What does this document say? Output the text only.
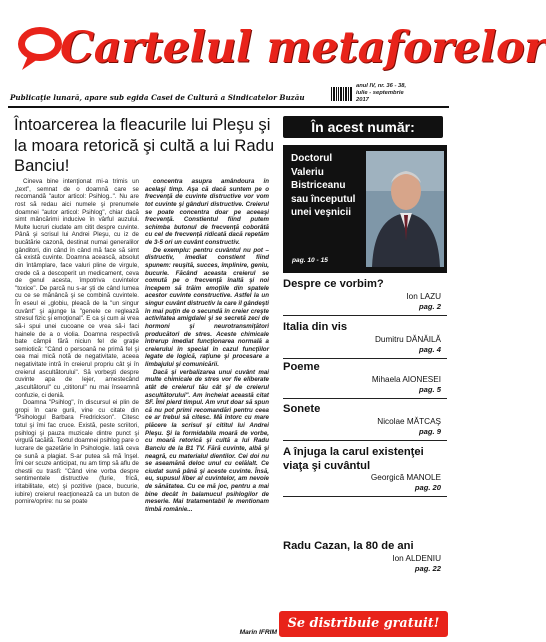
Cartelul metaforelor
Publicaţie lunară, apare sub egida Casei de Cultură a Sindicatelor Buzău
anul IV, nr. 36 - 38,
iulie - septembrie
2017
Întoarcerea la fleacurile lui Pleşu şi la moara retorică şi cultă a lui Radu Banciu!

Cineva bine intenţionat mi-a trimis un „text”, semnat de o doamnă care se recomandă "autor articol: Psihlog..". Nu are rost să redau aici numele şi prenumele doamnei "autor articol: Psihlog", chiar dacă simt mâncărimi inducive în vârful auzului. Multe lucruri ciudate am citit despre cuvinte. Până şi scrisul lui Andrei Pleşu, cu iz de bucătărie cazonă, destinat numai generalilor gânditori, din când în când mă face să simt că există cuvinte. Doamna acească, absolut din întâmplare, face valuri pline de virgule, crede că a descoperit un medicament, ceva de genul acesta, împotriva cuvintelor "toxice". De parcă nu s-ar şti de când lumea cu ce se mănâncă şi se combină cuvintele. În eseul ei „globiu, pleacă de la "un singur cuvânt" şi ajunge la "genele ce reglează stresul fizic şi emoţional". E ca şi cum ai vrea să-i spui unei cucoane ce vrea să-i faci hainele de a o violia. Doamna respectivă bate câmpii fără niciun fel de graţie semiotică: "Când o persoană ne primă fel şi cea mai mică notă de negativitate, aceea negativitate intră în creierul propriu cât şi în creierul ascultătorului". Să vorbeşti despre cuvinte apa de lejer, amestecând „ascultătorul" cu „cititorul" nu mai înseamnă confuzie, ci deniă.

Doamna "Psihlog", în discursul ei plin de gropi în care gurii, vine cu citate din "Psihologul Barbara Fredrickson". Citesc totul şi îmi fac cruce. Există, peste scriitori, psihlogi şi pauza muzicale dintre punct şi virgulă tacăită. Textul doamnei psihlog pare o lucrare de gazetărie în Psihologie. Iată ceva ce sună a plagiat. S-ar putea să mă înşel. Îmi cer scuze anticipat, nu am timp să aflu de chestii cu trasfi: "Când vine vorba despre sentimentele distructive (furie, frică, iritabilitate, etc) şi pozitive (pace, bucurie, iubire) creierul reacţionează ca un buton de pornire/oprire: nu se poate

concentra asupra amândoura în acelaşi timp. Aşa că dacă suntem pe o frecvenţă de cuvinte distructive vor vom tot cuvinte şi gânduri distructive. Creierul se poate concentra doar pe aceeaşi frecvenţă. Constientul fiind putem schimba butonul de frecvenţă coborâtă cu cel de frecvenţă ridicată dacă repetăm de 3-5 ori un cuvânt constructiv.

De exemplu: pentru cuvântul nu pot – distructiv, imediat constient fiind spunem: reuşită, succes, împlinire, geniu, bucurie. Făcând aceasta creierul se comută pe o frecvenţă înaltă şi noi începem să trăim emoţiile din spatele acestor cuvinte constructive. Astfel la un singur cuvânt distructiv la care îl gândeşti în mai puţin de o secundă în creier creşte activitatea amigdalei şi se secretă zeci de hormoni şi neurotransmiţători producători de stres. Aceste chimicale întrerup imediat funcţionarea normală a creierului în special în cazul funcţiilor legate de logică, raţiune şi procesare a limbajului şi comunicării.

Dacă şi verbalizarea unui cuvânt mai multe chimicale de stres vor fie eliberate atât de creierul tău cât şi de creierul ascultătorului". Am încheiat această citat SF. Îmi pierd timpul. Am vrut doar să spun că nu pot primi recomandări pentru ceea ce ar trebui să citesc. Mă întorc cu mare plăcere la scrisul şi cititul lui Andrei Pleşu. Şi la formidabila moară de vorbe, cu moară retorică şi cultă a lui Radu Banciu de la B1 TV. Fără cuvinte, albă şi neagră, cu materialul dientilor. Cei doi nu se aseamănă deloc unul cu celălalt. Ce ciudat sună până şi aceste cuvinte. Însă, eu, supusul liber al cuvintelor, am nevoie de sănătatea. Cu ce mă joc, pentru a mai bine decât în balamucul psihlogilor de meserie. Mai tratamentabil le mentionam timbă românie...

Marin IFRIM
În acest număr:
Doctorul Valeriu Bistriceanu sau începutul unei veşnicii
pag. 10 - 15
Despre ce vorbim?
Ion LAZU
pag. 2
Italia din vis
Dumitru DĂNĂILĂ
pag. 4
Poeme
Mihaela AIONESEI
pag. 5
Sonete
Nicolae MĂTCAŞ
pag. 9
A înjuga la carul existenţei viaţa şi cuvântul
Georgică MANOLE
pag. 20
Radu Cazan, la 80 de ani
Ion ALDENIU
pag. 22
Se distribuie gratuit!
